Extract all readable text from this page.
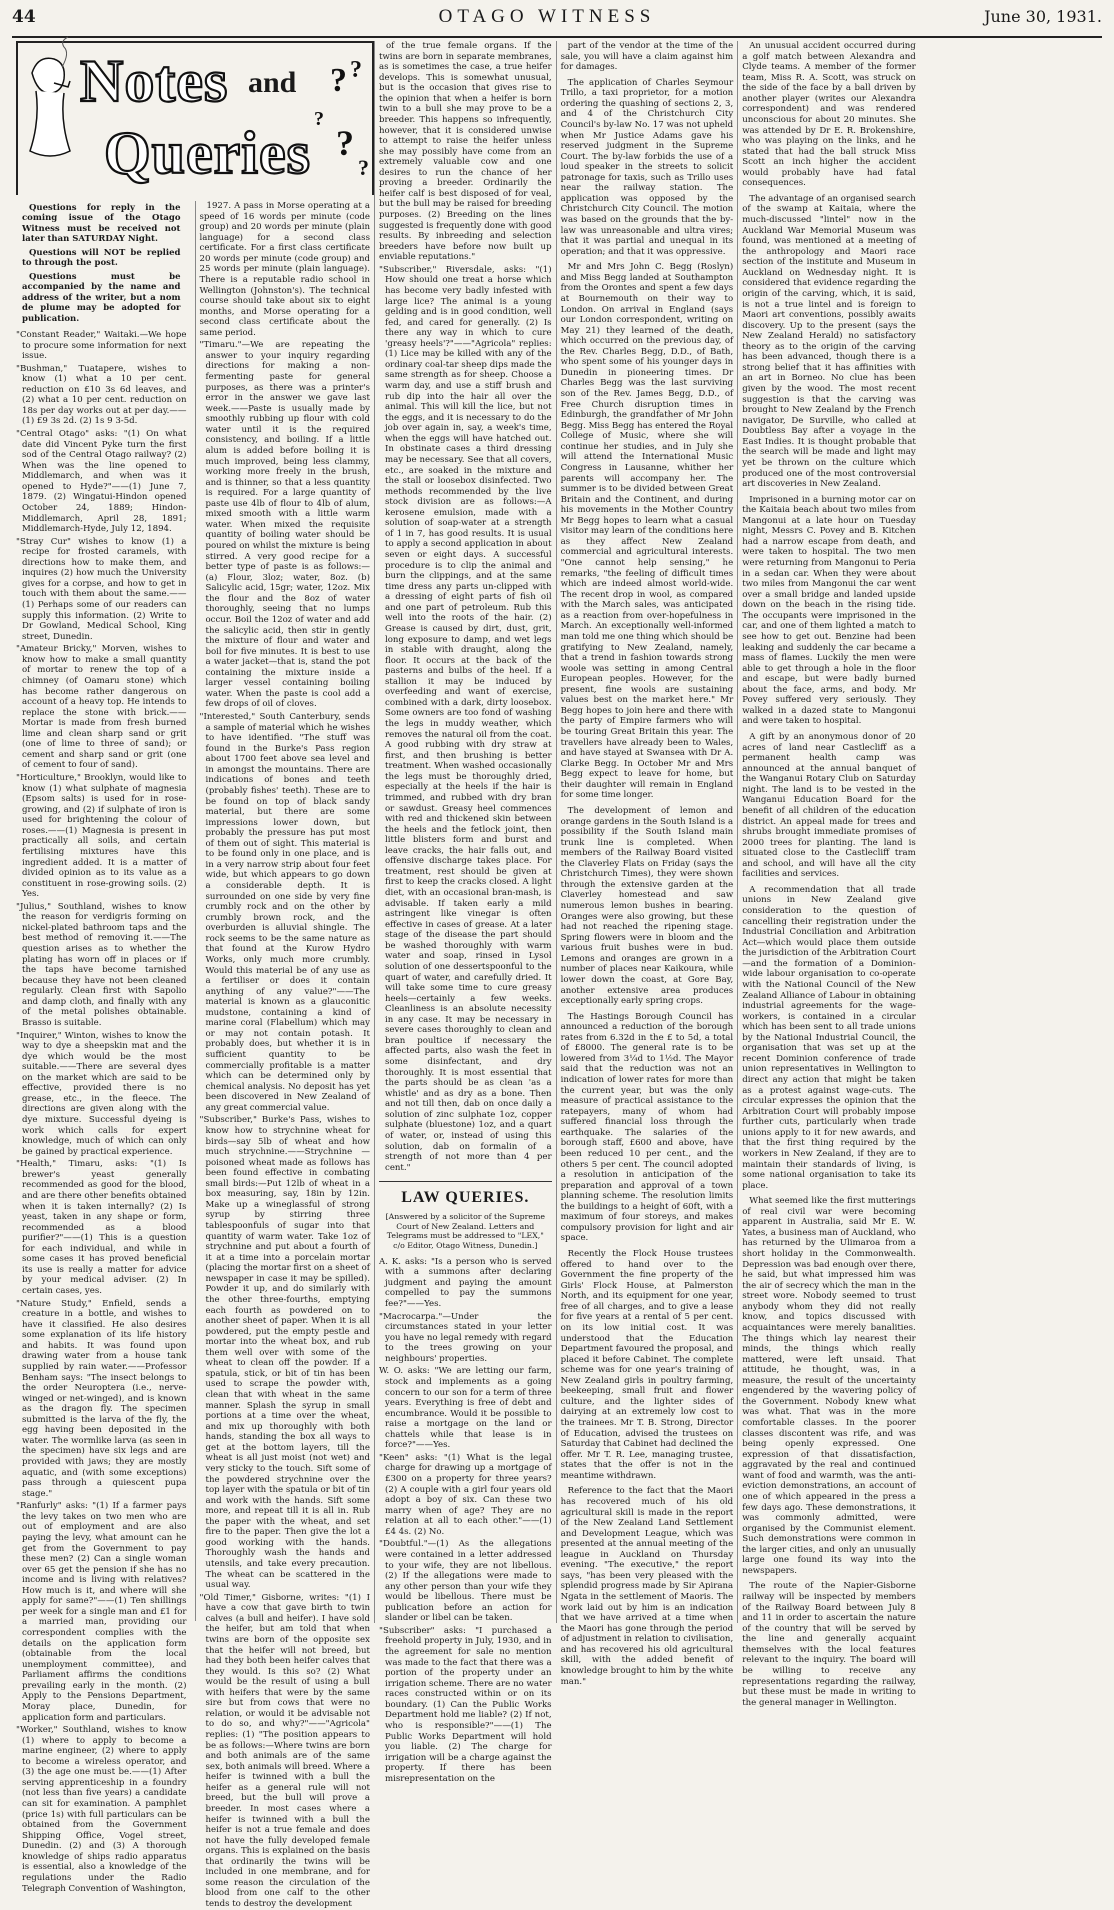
44	OTAGO WITNESS	June 30, 1931.
? ?
?
?
?
Notes and
Queries

Questions for reply in the coming issue of the Otago Witness must be received not later than SATURDAY Night.

Questions will NOT be replied to through the post.

Questions must be accompanied by the name and address of the writer, but a nom de plume may be adopted for publication.

"Constant Reader," Waitaki.—We hope to procure some information for next issue.

"Bushman," Tuatapere, wishes to know (1) what a 10 per cent. reduction on £10 3s 6d leaves, and (2) what a 10 per cent. reduction on 18s per day works out at per day.——(1) £9 3s 2d. (2) 1s 9 3-5d.

"Central Otago" asks: "(1) On what date did Vincent Pyke turn the first sod of the Central Otago railway? (2) When was the line opened to Middlemarch, and when was it opened to Hyde?"——(1) June 7, 1879. (2) Wingatui-Hindon opened October 24, 1889; Hindon-Middlemarch, April 28, 1891; Middlemarch-Hyde, July 12, 1894.

"Stray Cur" wishes to know (1) a recipe for frosted caramels, with directions how to make them, and inquires (2) how much the University gives for a corpse, and how to get in touch with them about the same.——(1) Perhaps some of our readers can supply this information. (2) Write to Dr Gowland, Medical School, King street, Dunedin.

"Amateur Bricky," Morven, wishes to know how to make a small quantity of mortar to renew the top of a chimney (of Oamaru stone) which has become rather dangerous on account of a heavy top. He intends to replace the stone with brick.——Mortar is made from fresh burned lime and clean sharp sand or grit (one of lime to three of sand); or cement and sharp sand or grit (one of cement to four of sand).

"Horticulture," Brooklyn, would like to know (1) what sulphate of magnesia (Epsom salts) is used for in rose-growing, and (2) if sulphate of iron is used for brightening the colour of roses.——(1) Magnesia is present in practically all soils, and certain fertilising mixtures have this ingredient added. It is a matter of divided opinion as to its value as a constituent in rose-growing soils. (2) Yes.

"Julius," Southland, wishes to know the reason for verdigris forming on nickel-plated bathroom taps and the best method of removing it.——The question arises as to whether the plating has worn off in places or if the taps have become tarnished because they have not been cleaned regularly. Clean first with Sapolio and damp cloth, and finally with any of the metal polishes obtainable. Brasso is suitable.

"Inquirer," Winton, wishes to know the way to dye a sheepskin mat and the dye which would be the most suitable.——There are several dyes on the market which are said to be effective, provided there is no grease, etc., in the fleece. The directions are given along with the dye mixture. Successful dyeing is work which calls for expert knowledge, much of which can only be gained by practical experience.

"Health," Timaru, asks: "(1) Is brewer's yeast generally recommended as good for the blood, and are there other benefits obtained when it is taken internally? (2) Is yeast, taken in any shape or form, recommended as a blood purifier?"——(1) This is a question for each individual, and while in some cases it has proved beneficial its use is really a matter for advice by your medical adviser. (2) In certain cases, yes.

"Nature Study," Enfield, sends a creature in a bottle, and wishes to have it classified. He also desires some explanation of its life history and habits. It was found upon drawing water from a house tank supplied by rain water.——Professor Benham says: "The insect belongs to the order Neuroptera (i.e., nerve-winged or net-winged), and is known as the dragon fly. The specimen submitted is the larva of the fly, the egg having been deposited in the water. The wormlike larva (as seen in the specimen) have six legs and are provided with jaws; they are mostly aquatic, and (with some exceptions) pass through a quiescent pupa stage."

"Ranfurly" asks: "(1) If a farmer pays the levy takes on two men who are out of employment and are also paying the levy, what amount can he get from the Government to pay these men? (2) Can a single woman over 65 get the pension if she has no income and is living with relatives? How much is it, and where will she apply for same?"——(1) Ten shillings per week for a single man and £1 for a married man, providing our correspondent complies with the details on the application form (obtainable from the local unemployment committee), and Parliament affirms the conditions prevailing early in the month. (2) Apply to the Pensions Department, Moray place, Dunedin, for application form and particulars.

"Worker," Southland, wishes to know (1) where to apply to become a marine engineer, (2) where to apply to become a wireless operator, and (3) the age one must be.——(1) After serving apprenticeship in a foundry (not less than five years) a candidate can sit for examination. A pamphlet (price 1s) with full particulars can be obtained from the Government Shipping Office, Vogel street, Dunedin. (2) and (3) A thorough knowledge of ships radio apparatus is essential, also a knowledge of the regulations under the Radio Telegraph Convention of Washington,

1927. A pass in Morse operating at a speed of 16 words per minute (code group) and 20 words per minute (plain language) for a second class certificate. For a first class certificate 20 words per minute (code group) and 25 words per minute (plain language). There is a reputable radio school in Wellington (Johnston's). The technical course should take about six to eight months, and Morse operating for a second class certificate about the same period.

"Timaru."—We are repeating the answer to your inquiry regarding directions for making a non-fermenting paste for general purposes, as there was a printer's error in the answer we gave last week.——Paste is usually made by smoothly rubbing up flour with cold water until it is the required consistency, and boiling. If a little alum is added before boiling it is much improved, being less clammy, working more freely in the brush, and is thinner, so that a less quantity is required. For a large quantity of paste use 4lb of flour to 4lb of alum, mixed smooth with a little warm water. When mixed the requisite quantity of boiling water should be poured on whilst the mixture is being stirred. A very good recipe for a better type of paste is as follows:—(a) Flour, 3loz; water, 8oz. (b) Salicylic acid, 15gr; water, 12oz. Mix the flour and the 8oz of water thoroughly, seeing that no lumps occur. Boil the 12oz of water and add the salicylic acid, then stir in gently the mixture of flour and water and boil for five minutes. It is best to use a water jacket—that is, stand the pot containing the mixture inside a larger vessel containing boiling water. When the paste is cool add a few drops of oil of cloves.

"Interested," South Canterbury, sends a sample of material which he wishes to have identified. "The stuff was found in the Burke's Pass region about 1700 feet above sea level and in amongst the mountains. There are indications of bones and teeth (probably fishes' teeth). These are to be found on top of black sandy material, but there are some impressions lower down, but probably the pressure has put most of them out of sight. This material is to be found only in one place, and is in a very narrow strip about four feet wide, but which appears to go down a considerable depth. It is surrounded on one side by very fine crumbly rock and on the other by crumbly brown rock, and the overburden is alluvial shingle. The rock seems to be the same nature as that found at the Kurow Hydro Works, only much more crumbly. Would this material be of any use as a fertiliser or does it contain anything of any value?"——The material is known as a glauconitic mudstone, containing a kind of marine coral (Flabellum) which may or may not contain potash. It probably does, but whether it is in sufficient quantity to be commercially profitable is a matter which can be determined only by chemical analysis. No deposit has yet been discovered in New Zealand of any great commercial value.

"Subscriber," Burke's Pass, wishes to know how to strychnine wheat for birds—say 5lb of wheat and how much strychnine.——Strychnine — poisoned wheat made as follows has been found effective in combating small birds:—Put 12lb of wheat in a box measuring, say, 18in by 12in. Make up a wineglassful of strong syrup by stirring three tablespoonfuls of sugar into that quantity of warm water. Take 1oz of strychnine and put about a fourth of it at a time into a porcelain mortar (placing the mortar first on a sheet of newspaper in case it may be spilled). Powder it up, and do similarly with the other three-fourths, emptying each fourth as powdered on to another sheet of paper. When it is all powdered, put the empty pestle and mortar into the wheat box, and rub them well over with some of the wheat to clean off the powder. If a spatula, stick, or bit of tin has been used to scrape the powder with, clean that with wheat in the same manner. Splash the syrup in small portions at a time over the wheat, and mix up thoroughly with both hands, standing the box all ways to get at the bottom layers, till the wheat is all just moist (not wet) and very sticky to the touch. Sift some of the powdered strychnine over the top layer with the spatula or bit of tin and work with the hands. Sift some more, and repeat till it is all in. Rub the paper with the wheat, and set fire to the paper. Then give the lot a good working with the hands. Thoroughly wash the hands and utensils, and take every precaution. The wheat can be scattered in the usual way.

"Old Timer," Gisborne, writes: "(1) I have a cow that gave birth to twin calves (a bull and heifer). I have sold the heifer, but am told that when twins are born of the opposite sex that the heifer will not breed, but had they both been heifer calves that they would. Is this so? (2) What would be the result of using a bull with heifers that were by the same sire but from cows that were no relation, or would it be advisable not to do so, and why?"——"Agricola" replies: (1) "The position appears to be as follows:—Where twins are born and both animals are of the same sex, both animals will breed. Where a heifer is twinned with a bull the heifer as a general rule will not breed, but the bull will prove a breeder. In most cases where a heifer is twinned with a bull the heifer is not a true female and does not have the fully developed female organs. This is explained on the basis that ordinarily the twins will be included in one membrane, and for some reason the circulation of the blood from one calf to the other tends to destroy the development

of the true female organs. If the twins are born in separate membranes, as is sometimes the case, a true heifer develops. This is somewhat unusual, but is the occasion that gives rise to the opinion that when a heifer is born twin to a bull she may prove to be a breeder. This happens so infrequently, however, that it is considered unwise to attempt to raise the heifer unless she may possibly have come from an extremely valuable cow and one desires to run the chance of her proving a breeder. Ordinarily the heifer calf is best disposed of for veal, but the bull may be raised for breeding purposes. (2) Breeding on the lines suggested is frequently done with good results. By inbreeding and selection breeders have before now built up enviable reputations."

"Subscriber," Riversdale, asks: "(1) How should one treat a horse which has become very badly infested with large lice? The animal is a young gelding and is in good condition, well fed, and cared for generally. (2) Is there any way in which to cure 'greasy heels'?"——"Agricola" replies: (1) Lice may be killed with any of the ordinary coal-tar sheep dips made the same strength as for sheep. Choose a warm day, and use a stiff brush and rub dip into the hair all over the animal. This will kill the lice, but not the eggs, and it is necessary to do the job over again in, say, a week's time, when the eggs will have hatched out. In obstinate cases a third dressing may be necessary. See that all covers, etc., are soaked in the mixture and the stall or loosebox disinfected. Two methods recommended by the live stock division are as follows:—A kerosene emulsion, made with a solution of soap-water at a strength of 1 in 7, has good results. It is usual to apply a second application in about seven or eight days. A successful procedure is to clip the animal and burn the clippings, and at the same time dress any parts un-clipped with a dressing of eight parts of fish oil and one part of petroleum. Rub this well into the roots of the hair. (2) Grease is caused by dirt, dust, grit, long exposure to damp, and wet legs in stable with draught, along the floor. It occurs at the back of the pasterns and bulbs of the heel. If a stallion it may be induced by overfeeding and want of exercise, combined with a dark, dirty loosebox. Some owners are too fond of washing the legs in muddy weather, which removes the natural oil from the coat. A good rubbing with dry straw at first, and then brushing is better treatment. When washed occasionally the legs must be thoroughly dried, especially at the heels if the hair is trimmed, and rubbed with dry bran or sawdust. Greasy heel commences with red and thickened skin between the heels and the fetlock joint, then little blisters form and burst and leave cracks, the hair falls out, and offensive discharge takes place. For treatment, rest should be given at first to keep the cracks closed. A light diet, with an occasional bran-mash, is advisable. If taken early a mild astringent like vinegar is often effective in cases of grease. At a later stage of the disease the part should be washed thoroughly with warm water and soap, rinsed in Lysol solution of one dessertspoonful to the quart of water, and carefully dried. It will take some time to cure greasy heels—certainly a few weeks. Cleanliness is an absolute necessity in any case. It may be necessary in severe cases thoroughly to clean and bran poultice if necessary the affected parts, also wash the feet in some disinfectant, and dry thoroughly. It is most essential that the parts should be as clean 'as a whistle' and as dry as a bone. Then and not till then, dab on once daily a solution of zinc sulphate 1oz, copper sulphate (bluestone) 1oz, and a quart of water, or, instead of using this solution, dab on formalin of a strength of not more than 4 per cent."

LAW QUERIES.
[Answered by a solicitor of the Supreme Court of New Zealand. Letters and Telegrams must be addressed to "LEX," c/o Editor, Otago Witness, Dunedin.]

A. K. asks: "Is a person who is served with a summons after declaring judgment and paying the amount compelled to pay the summons fee?"——Yes.

"Macrocarpa."—Under the circumstances stated in your letter you have no legal remedy with regard to the trees growing on your neighbours' properties.

W. O. asks: "We are letting our farm, stock and implements as a going concern to our son for a term of three years. Everything is free of debt and encumbrance. Would it be possible to raise a mortgage on the land or chattels while that lease is in force?"——Yes.

"Keen" asks: "(1) What is the legal charge for drawing up a mortgage of £300 on a property for three years? (2) A couple with a girl four years old adopt a boy of six. Can these two marry when of age? They are no relation at all to each other."——(1) £4 4s. (2) No.

"Doubtful."—(1) As the allegations were contained in a letter addressed to your wife, they are not libellous. (2) If the allegations were made to any other person than your wife they would be libellous. There must be publication before an action for slander or libel can be taken.

"Subscriber" asks: "I purchased a freehold property in July, 1930, and in the agreement for sale no mention was made to the fact that there was a portion of the property under an irrigation scheme. There are no water races constructed within or on its boundary. (1) Can the Public Works Department hold me liable? (2) If not, who is responsible?"——(1) The Public Works Department will hold you liable. (2) The charge for irrigation will be a charge against the property. If there has been misrepresentation on the

part of the vendor at the time of the sale, you will have a claim against him for damages.

The application of Charles Seymour Trillo, a taxi proprietor, for a motion ordering the quashing of sections 2, 3, and 4 of the Christchurch City Council's by-law No. 17 was not upheld when Mr Justice Adams gave his reserved judgment in the Supreme Court. The by-law forbids the use of a loud speaker in the streets to solicit patronage for taxis, such as Trillo uses near the railway station. The application was opposed by the Christchurch City Council. The motion was based on the grounds that the by-law was unreasonable and ultra vires; that it was partial and unequal in its operation; and that it was oppressive.

Mr and Mrs John C. Begg (Roslyn) and Miss Begg landed at Southampton from the Orontes and spent a few days at Bournemouth on their way to London. On arrival in England (says our London correspondent, writing on May 21) they learned of the death, which occurred on the previous day, of the Rev. Charles Begg, D.D., of Bath, who spent some of his younger days in Dunedin in pioneering times. Dr Charles Begg was the last surviving son of the Rev. James Begg, D.D., of Free Church disruption times in Edinburgh, the grandfather of Mr John Begg. Miss Begg has entered the Royal College of Music, where she will continue her studies, and in July she will attend the International Music Congress in Lausanne, whither her parents will accompany her. The summer is to be divided between Great Britain and the Continent, and during his movements in the Mother Country Mr Begg hopes to learn what a casual visitor may learn of the conditions here as they affect New Zealand commercial and agricultural interests. "One cannot help sensing," he remarks, "the feeling of difficult times which are indeed almost world-wide. The recent drop in wool, as compared with the March sales, was anticipated as a reaction from over-hopefulness in March. An exceptionally well-informed man told me one thing which should be gratifying to New Zealand, namely, that a trend in fashion towards strong woole was setting in among Central European peoples. However, for the present, fine wools are sustaining values best on the market here." Mr Begg hopes to join here and there with the party of Empire farmers who will be touring Great Britain this year. The travellers have already been to Wales, and have stayed at Swansea with Dr A. Clarke Begg. In October Mr and Mrs Begg expect to leave for home, but their daughter will remain in England for some time longer.

The development of lemon and orange gardens in the South Island is a possibility if the South Island main trunk line is completed. When members of the Railway Board visited the Claverley Flats on Friday (says the Christchurch Times), they were shown through the extensive garden at the Claverley homestead and saw numerous lemon bushes in bearing. Oranges were also growing, but these had not reached the ripening stage. Spring flowers were in bloom and the various fruit bushes were in bud. Lemons and oranges are grown in a number of places near Kaikoura, while lower down the coast, at Gore Bay, another extensive area produces exceptionally early spring crops.

The Hastings Borough Council has announced a reduction of the borough rates from 6.32d in the £ to 5d, a total of £8000. The general rate is to be lowered from 3¼d to 1½d. The Mayor said that the reduction was not an indication of lower rates for more than the current year, but was the only measure of practical assistance to the ratepayers, many of whom had suffered financial loss through the earthquake. The salaries of the borough staff, £600 and above, have been reduced 10 per cent., and the others 5 per cent. The council adopted a resolution in anticipation of the preparation and approval of a town planning scheme. The resolution limits the buildings to a height of 60ft, with a maximum of four storeys, and makes compulsory provision for light and air space.

Recently the Flock House trustees offered to hand over to the Government the fine property of the Girls' Flock House, at Palmerston North, and its equipment for one year, free of all charges, and to give a lease for five years at a rental of 5 per cent. on its low initial cost. It was understood that the Education Department favoured the proposal, and placed it before Cabinet. The complete scheme was for one year's training of New Zealand girls in poultry farming, beekeeping, small fruit and flower culture, and the lighter sides of dairying at an extremely low cost to the trainees. Mr T. B. Strong, Director of Education, advised the trustees on Saturday that Cabinet had declined the offer. Mr T. R. Lee, managing trustee, states that the offer is not in the meantime withdrawn.

Reference to the fact that the Maori has recovered much of his old agricultural skill is made in the report of the New Zealand Land Settlement and Development League, which was presented at the annual meeting of the league in Auckland on Thursday evening. "The executive," the report says, "has been very pleased with the splendid progress made by Sir Apirana Ngata in the settlement of Maoris. The work laid out by him is an indication that we have arrived at a time when the Maori has gone through the period of adjustment in relation to civilisation, and has recovered his old agricultural skill, with the added benefit of knowledge brought to him by the white man."

An unusual accident occurred during a golf match between Alexandra and Clyde teams. A member of the former team, Miss R. A. Scott, was struck on the side of the face by a ball driven by another player (writes our Alexandra correspondent) and was rendered unconscious for about 20 minutes. She was attended by Dr E. R. Brokenshire, who was playing on the links, and he stated that had the ball struck Miss Scott an inch higher the accident would probably have had fatal consequences.

The advantage of an organised search of the swamp at Kaitaia, where the much-discussed "lintel" now in the Auckland War Memorial Museum was found, was mentioned at a meeting of the anthropology and Maori race section of the institute and Museum in Auckland on Wednesday night. It is considered that evidence regarding the origin of the carving, which, it is said, is not a true lintel and is foreign to Maori art conventions, possibly awaits discovery. Up to the present (says the New Zealand Herald) no satisfactory theory as to the origin of the carving has been advanced, though there is a strong belief that it has affinities with an art in Borneo. No clue has been given by the wood. The most recent suggestion is that the carving was brought to New Zealand by the French navigator, De Surville, who called at Doubtless Bay after a voyage in the East Indies. It is thought probable that the search will be made and light may yet be thrown on the culture which produced one of the most controversial art discoveries in New Zealand.

Imprisoned in a burning motor car on the Kaitaia beach about two miles from Mangonui at a late hour on Tuesday night, Messrs C. Povey and B. Kitchen had a narrow escape from death, and were taken to hospital. The two men were returning from Mangonui to Peria in a sedan car. When they were about two miles from Mangonui the car went over a small bridge and landed upside down on the beach in the rising tide. The occupants were imprisoned in the car, and one of them lighted a match to see how to get out. Benzine had been leaking and suddenly the car became a mass of flames. Luckily the men were able to get through a hole in the floor and escape, but were badly burned about the face, arms, and body. Mr Povey suffered very seriously. They walked in a dazed state to Mangonui and were taken to hospital.

A gift by an anonymous donor of 20 acres of land near Castlecliff as a permanent health camp was announced at the annual banquet of the Wanganui Rotary Club on Saturday night. The land is to be vested in the Wanganui Education Board for the benefit of all children of the education district. An appeal made for trees and shrubs brought immediate promises of 2000 trees for planting. The land is situated close to the Castlecliff tram and school, and will have all the city facilities and services.

A recommendation that all trade unions in New Zealand give consideration to the question of cancelling their registration under the Industrial Conciliation and Arbitration Act—which would place them outside the jurisdiction of the Arbitration Court—and the formation of a Dominion-wide labour organisation to co-operate with the National Council of the New Zealand Alliance of Labour in obtaining industrial agreements for the wage-workers, is contained in a circular which has been sent to all trade unions by the National Industrial Council, the organisation that was set up at the recent Dominion conference of trade union representatives in Wellington to direct any action that might be taken as a protest against wage-cuts. The circular expresses the opinion that the Arbitration Court will probably impose further cuts, particularly when trade unions apply to it for new awards, and that the first thing required by the workers in New Zealand, if they are to maintain their standards of living, is some national organisation to take its place.

What seemed like the first mutterings of real civil war were becoming apparent in Australia, said Mr E. W. Yates, a business man of Auckland, who has returned by the Ulimaroa from a short holiday in the Commonwealth. Depression was bad enough over there, he said, but what impressed him was the air of secrecy which the man in the street wore. Nobody seemed to trust anybody whom they did not really know, and topics discussed with acquaintances were merely banalities. The things which lay nearest their minds, the things which really mattered, were left unsaid. That attitude, he thought, was, in a measure, the result of the uncertainty engendered by the wavering policy of the Government. Nobody knew what was what. That was in the more comfortable classes. In the poorer classes discontent was rife, and was being openly expressed. One expression of that dissatisfaction, aggravated by the real and continued want of food and warmth, was the anti-eviction demonstrations, an account of one of which appeared in the press a few days ago. These demonstrations, it was commonly admitted, were organised by the Communist element. Such demonstrations were common in the larger cities, and only an unusually large one found its way into the newspapers.

The route of the Napier-Gisborne railway will be inspected by members of the Railway Board between July 8 and 11 in order to ascertain the nature of the country that will be served by the line and generally acquaint themselves with the local features relevant to the inquiry. The board will be willing to receive any representations regarding the railway, but these must be made in writing to the general manager in Wellington.
